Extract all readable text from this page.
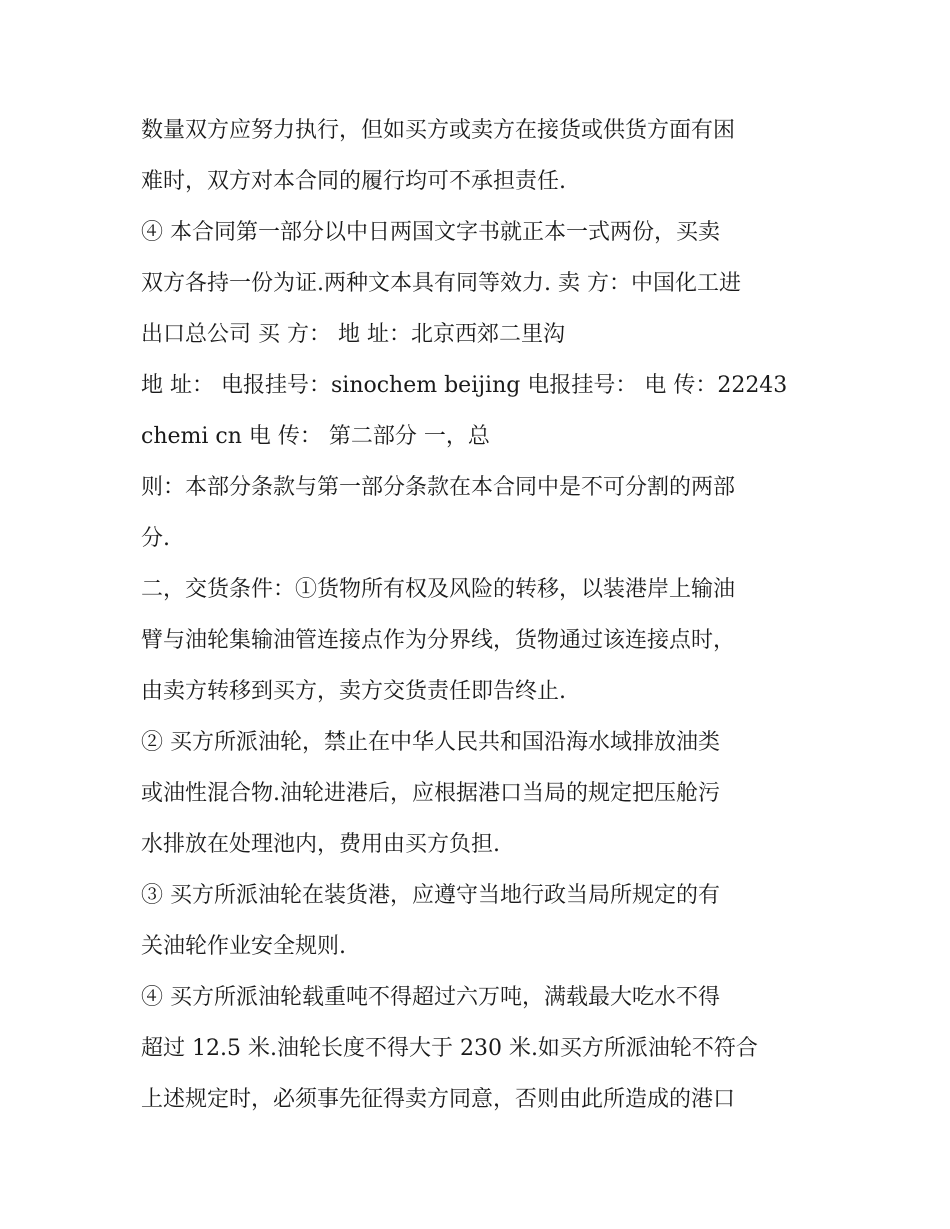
数量双方应努力执行，但如买方或卖方在接货或供货方面有困
难时，双方对本合同的履行均可不承担责任.
④ 本合同第一部分以中日两国文字书就正本一式两份，买卖
双方各持一份为证.两种文本具有同等效力. 卖 方：中国化工进
出口总公司 买 方： 地 址：北京西郊二里沟
地 址： 电报挂号：sinochem beijing 电报挂号： 电 传：22243
chemi cn 电 传： 第二部分 一，总
则：本部分条款与第一部分条款在本合同中是不可分割的两部
分.
二，交货条件：①货物所有权及风险的转移，以装港岸上输油
臂与油轮集输油管连接点作为分界线，货物通过该连接点时，
由卖方转移到买方，卖方交货责任即告终止.
② 买方所派油轮，禁止在中华人民共和国沿海水域排放油类
或油性混合物.油轮进港后，应根据港口当局的规定把压舱污
水排放在处理池内，费用由买方负担.
③ 买方所派油轮在装货港，应遵守当地行政当局所规定的有
关油轮作业安全规则.
④ 买方所派油轮载重吨不得超过六万吨，满载最大吃水不得
超过 12.5 米.油轮长度不得大于 230 米.如买方所派油轮不符合
上述规定时，必须事先征得卖方同意，否则由此所造成的港口
